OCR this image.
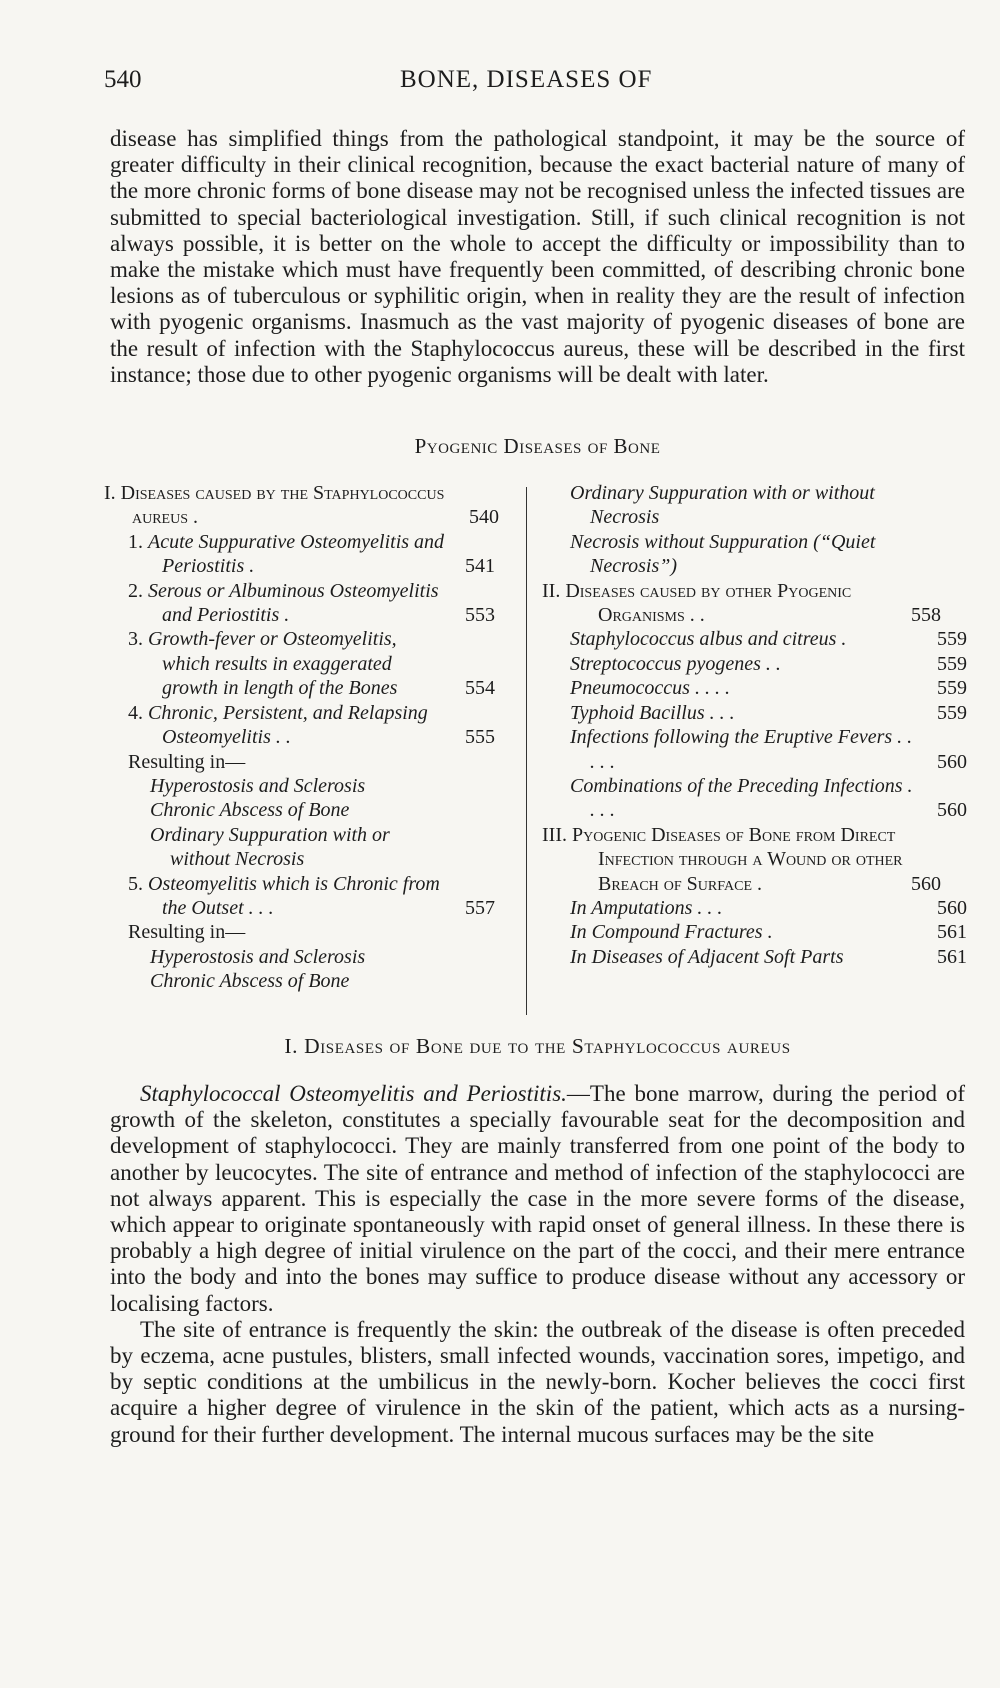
540	BONE, DISEASES OF

disease has simplified things from the pathological standpoint, it may be the source of greater difficulty in their clinical recognition, because the exact bacterial nature of many of the more chronic forms of bone disease may not be recognised unless the infected tissues are submitted to special bacteriological investigation. Still, if such clinical recognition is not always possible, it is better on the whole to accept the difficulty or impossibility than to make the mistake which must have frequently been committed, of describing chronic bone lesions as of tuberculous or syphilitic origin, when in reality they are the result of infection with pyogenic organisms. Inasmuch as the vast majority of pyogenic diseases of bone are the result of infection with the Staphylococcus aureus, these will be described in the first instance; those due to other pyogenic organisms will be dealt with later.

Pyogenic Diseases of Bone
I. Diseases caused by the Staphylococcus aureus .	540
1. Acute Suppurative Osteomyelitis and Periostitis .	541
2. Serous or Albuminous Osteomyelitis and Periostitis .	553
3. Growth-fever or Osteomyelitis, which results in exaggerated growth in length of the Bones	554
4. Chronic, Persistent, and Relapsing Osteomyelitis . .	555
Resulting in—
Hyperostosis and Sclerosis
Chronic Abscess of Bone
Ordinary Suppuration with or without Necrosis
5. Osteomyelitis which is Chronic from the Outset . . .	557
Resulting in—
Hyperostosis and Sclerosis
Chronic Abscess of Bone
Ordinary Suppuration with or without Necrosis
Necrosis without Suppuration (“Quiet Necrosis”)
II. Diseases caused by other Pyogenic Organisms . .	558
Staphylococcus albus and citreus .	559
Streptococcus pyogenes . .	559
Pneumococcus . . . .	559
Typhoid Bacillus . . .	559
Infections following the Eruptive Fevers . . . . .	560
Combinations of the Preceding Infections . . . .	560
III. Pyogenic Diseases of Bone from Direct Infection through a Wound or other Breach of Surface .	560
In Amputations . . .	560
In Compound Fractures .	561
In Diseases of Adjacent Soft Parts	561
I. Diseases of Bone due to the Staphylococcus aureus

Staphylococcal Osteomyelitis and Periostitis.—The bone marrow, during the period of growth of the skeleton, constitutes a specially favourable seat for the decomposition and development of staphylococci. They are mainly transferred from one point of the body to another by leucocytes. The site of entrance and method of infection of the staphylococci are not always apparent. This is especially the case in the more severe forms of the disease, which appear to originate spontaneously with rapid onset of general illness. In these there is probably a high degree of initial virulence on the part of the cocci, and their mere entrance into the body and into the bones may suffice to produce disease without any accessory or localising factors.

The site of entrance is frequently the skin: the outbreak of the disease is often preceded by eczema, acne pustules, blisters, small infected wounds, vaccination sores, impetigo, and by septic conditions at the umbilicus in the newly-born. Kocher believes the cocci first acquire a higher degree of virulence in the skin of the patient, which acts as a nursing-ground for their further development. The internal mucous surfaces may be the site
